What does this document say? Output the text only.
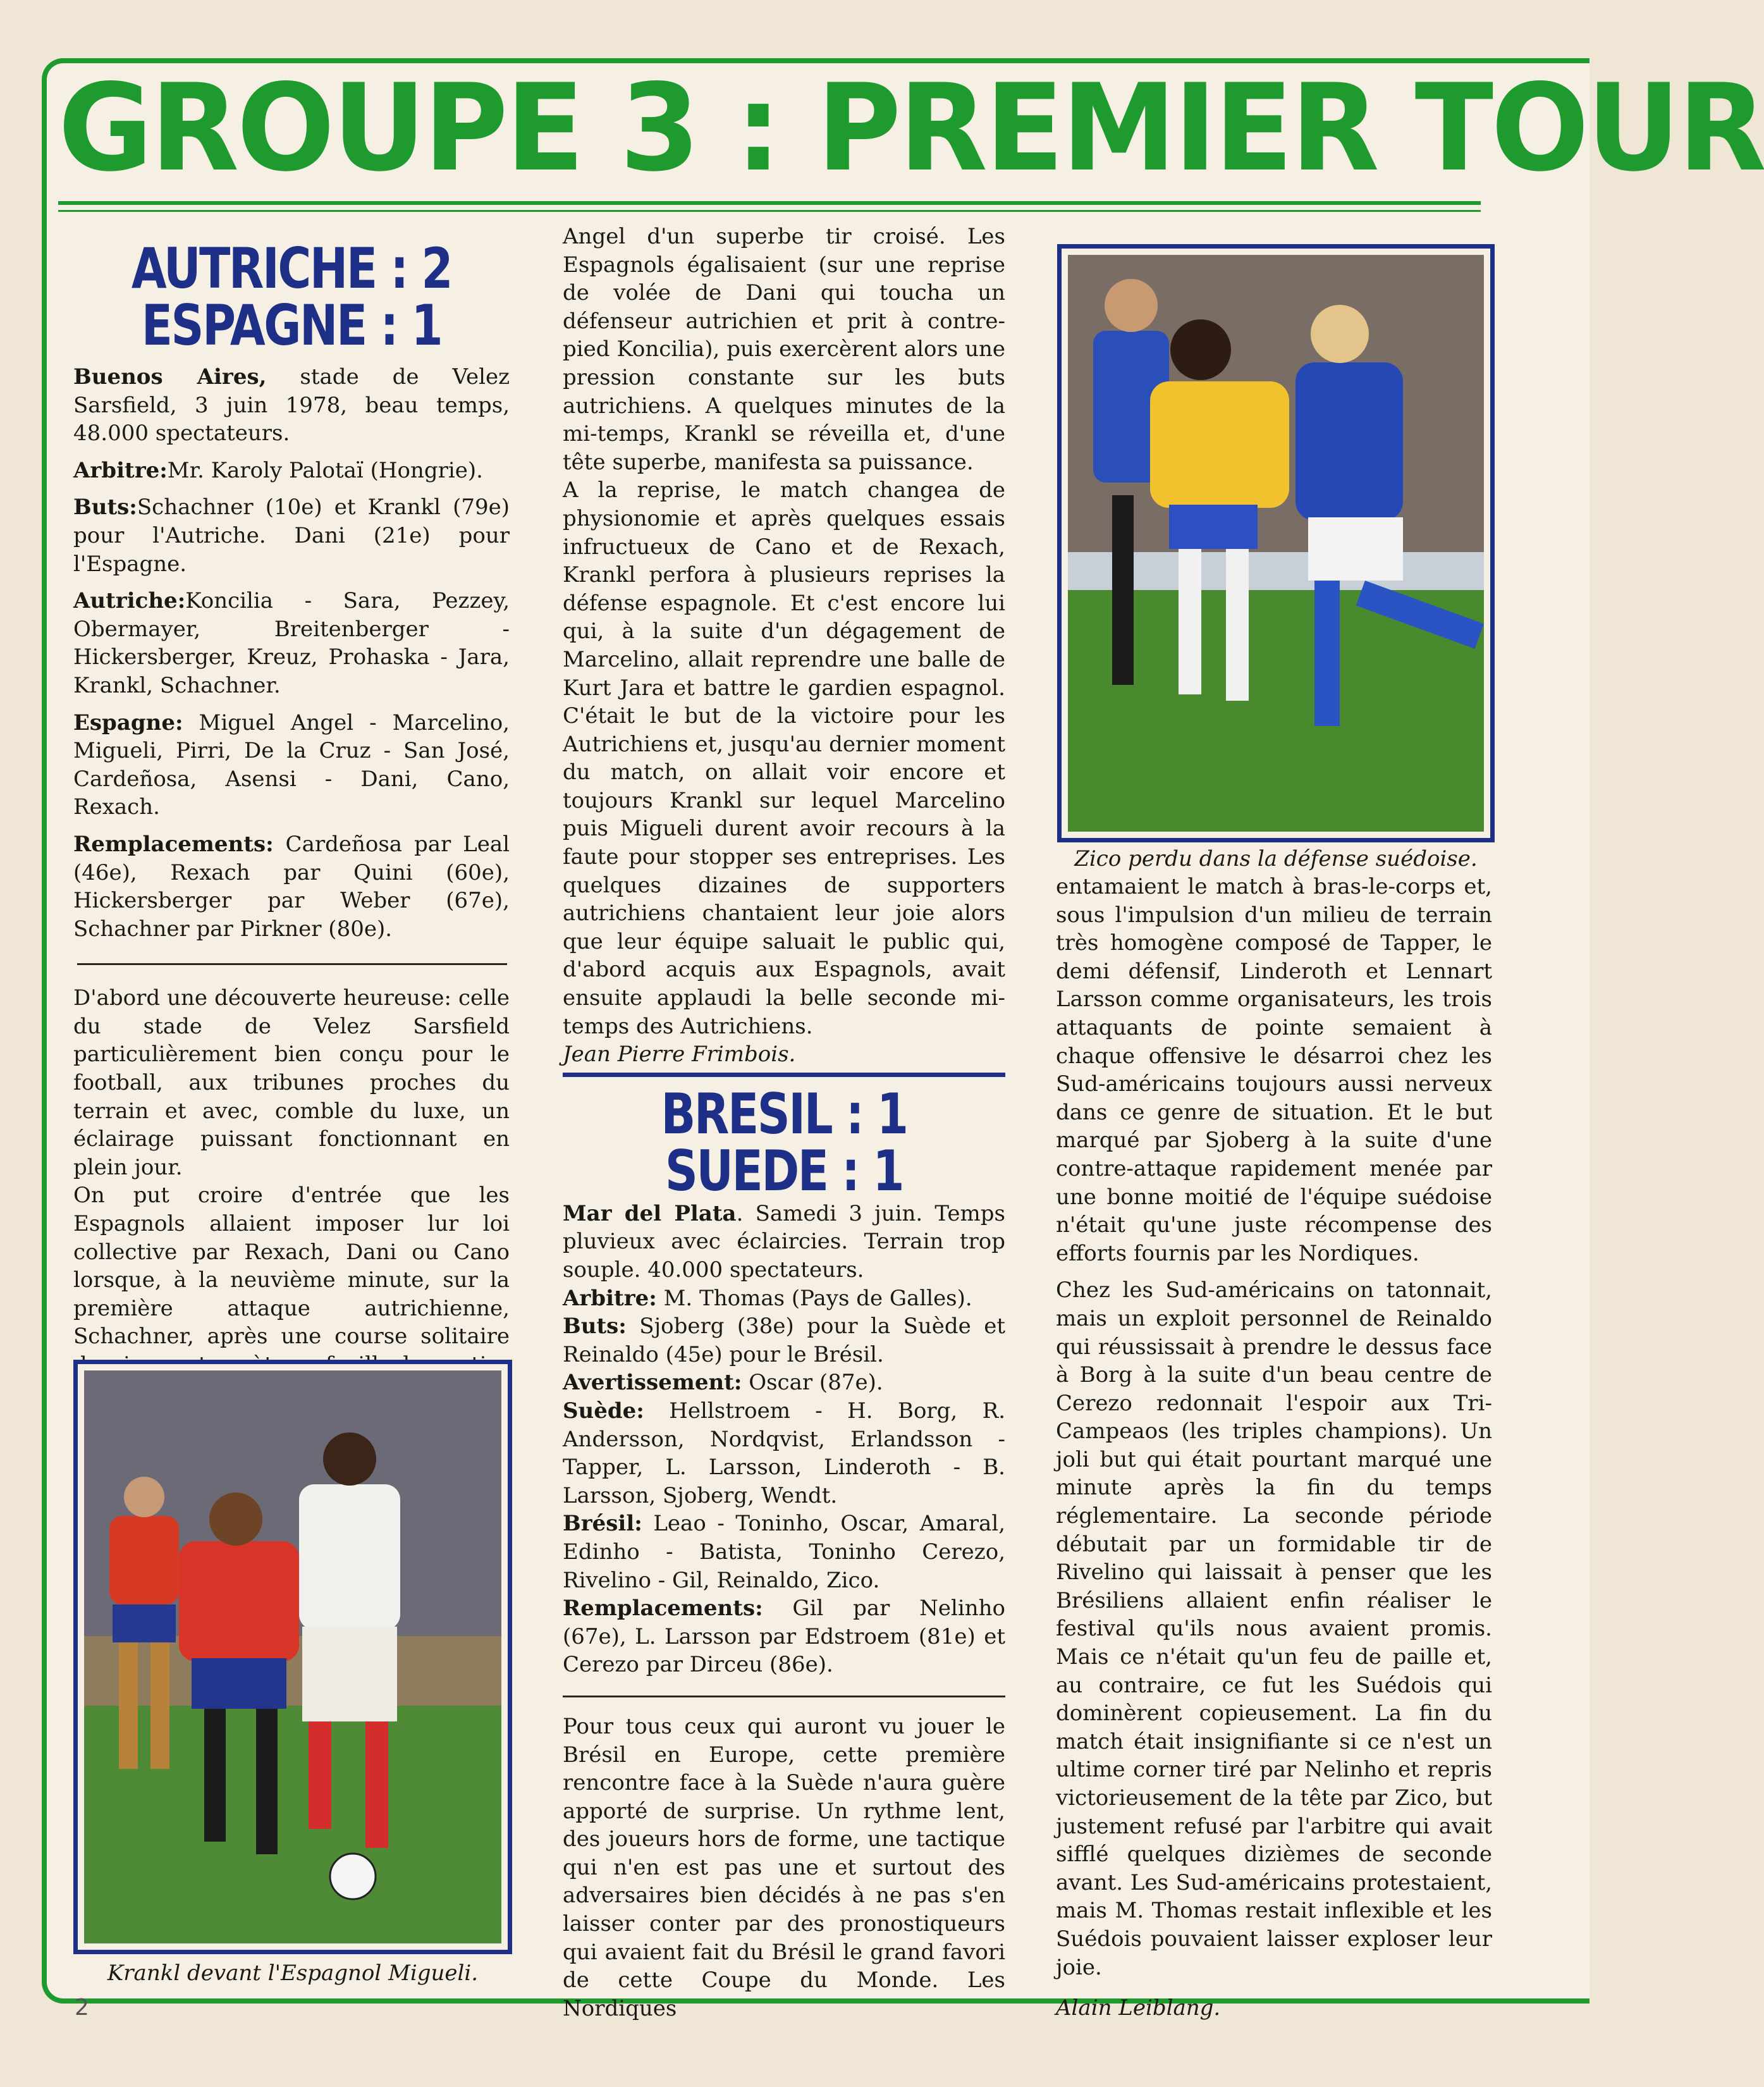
GROUPE 3 : PREMIER TOUR
AUTRICHE : 2
ESPAGNE : 1

Buenos Aires, stade de Velez Sarsfield, 3 juin 1978, beau temps, 48.000 spectateurs.

Arbitre:Mr. Karoly Palotaï (Hongrie).

Buts:Schachner (10e) et Krankl (79e) pour l'Autriche. Dani (21e) pour l'Espagne.

Autriche:Koncilia - Sara, Pezzey, Obermayer, Breitenberger - Hickersberger, Kreuz, Prohaska - Jara, Krankl, Schachner.

Espagne: Miguel Angel - Marcelino, Migueli, Pirri, De la Cruz - San José, Cardeñosa, Asensi - Dani, Cano, Rexach.

Remplacements: Cardeñosa par Leal (46e), Rexach par Quini (60e), Hickersberger par Weber (67e), Schachner par Pirkner (80e).

D'abord une découverte heureuse: celle du stade de Velez Sarsfield particulièrement bien conçu pour le football, aux tribunes proches du terrain et avec, comble du luxe, un éclairage puissant fonctionnant en plein jour.

On put croire d'entrée que les Espagnols allaient imposer lur loi collective par Rexach, Dani ou Cano lorsque, à la neuvième minute, sur la première attaque autrichienne, Schachner, après une course solitaire

Krankl devant l'Espagnol Migueli.

Angel d'un superbe tir croisé. Les Espagnols égalisaient (sur une reprise de volée de Dani qui toucha un défenseur autrichien et prit à contre-pied Koncilia), puis exercèrent alors une pression constante sur les buts autrichiens. A quelques minutes de la mi-temps, Krankl se réveilla et, d'une tête superbe, manifesta sa puissance.

A la reprise, le match changea de physionomie et après quelques essais infructueux de Cano et de Rexach, Krankl perfora à plusieurs reprises la défense espagnole. Et c'est encore lui qui, à la suite d'un dégagement de Marcelino, allait reprendre une balle de Kurt Jara et battre le gardien espagnol. C'était le but de la victoire pour les Autrichiens et, jusqu'au dernier moment du match, on allait voir encore et toujours Krankl sur lequel Marcelino puis Migueli durent avoir recours à la faute pour stopper ses entreprises. Les quelques dizaines de supporters autrichiens chantaient leur joie alors que leur équipe saluait le public qui, d'abord acquis aux Espagnols, avait ensuite applaudi la belle seconde mi-temps des Autrichiens.

Jean Pierre Frimbois.

BRESIL : 1
SUEDE : 1

Mar del Plata. Samedi 3 juin. Temps pluvieux avec éclaircies. Terrain trop souple. 40.000 spectateurs.

Arbitre: M. Thomas (Pays de Galles).

Buts: Sjoberg (38e) pour la Suède et Reinaldo (45e) pour le Brésil.

Avertissement: Oscar (87e).

Suède: Hellstroem - H. Borg, R. Andersson, Nordqvist, Erlandsson - Tapper, L. Larsson, Linderoth - B. Larsson, Sjoberg, Wendt.

Brésil: Leao - Toninho, Oscar, Amaral, Edinho - Batista, Toninho Cerezo, Rivelino - Gil, Reinaldo, Zico.

Remplacements: Gil par Nelinho (67e), L. Larsson par Edstroem (81e) et Cerezo par Dirceu (86e).

Pour tous ceux qui auront vu jouer le Brésil en Europe, cette première rencontre face à la Suède n'aura guère apporté de surprise. Un rythme lent, des joueurs hors de forme, une tactique qui n'en est pas une et surtout des adversaires bien décidés à ne pas s'en laisser conter par des pronostiqueurs qui avaient fait du Brésil le grand favori de cette Coupe du Monde. Les Nordiques

Zico perdu dans la défense suédoise.

entamaient le match à bras-le-corps et, sous l'impulsion d'un milieu de terrain très homogène composé de Tapper, le demi défensif, Linderoth et Lennart Larsson comme organisateurs, les trois attaquants de pointe semaient à chaque offensive le désarroi chez les Sud-américains toujours aussi nerveux dans ce genre de situation. Et le but marqué par Sjoberg à la suite d'une contre-attaque rapidement menée par une bonne moitié de l'équipe suédoise n'était qu'une juste récompense des efforts fournis par les Nordiques.

Chez les Sud-américains on tatonnait, mais un exploit personnel de Reinaldo qui réussissait à prendre le dessus face à Borg à la suite d'un beau centre de Cerezo redonnait l'espoir aux Tri-Campeaos (les triples champions). Un joli but qui était pourtant marqué une minute après la fin du temps réglementaire. La seconde période débutait par un formidable tir de Rivelino qui laissait à penser que les Brésiliens allaient enfin réaliser le festival qu'ils nous avaient promis. Mais ce n'était qu'un feu de paille et, au contraire, ce fut les Suédois qui dominèrent copieusement. La fin du match était insignifiante si ce n'est un ultime corner tiré par Nelinho et repris victorieusement de la tête par Zico, but justement refusé par l'arbitre qui avait sifflé quelques dizièmes de seconde avant. Les Sud-américains protestaient, mais M. Thomas restait inflexible et les Suédois pouvaient laisser exploser leur joie.

Alain Leiblang.

2
